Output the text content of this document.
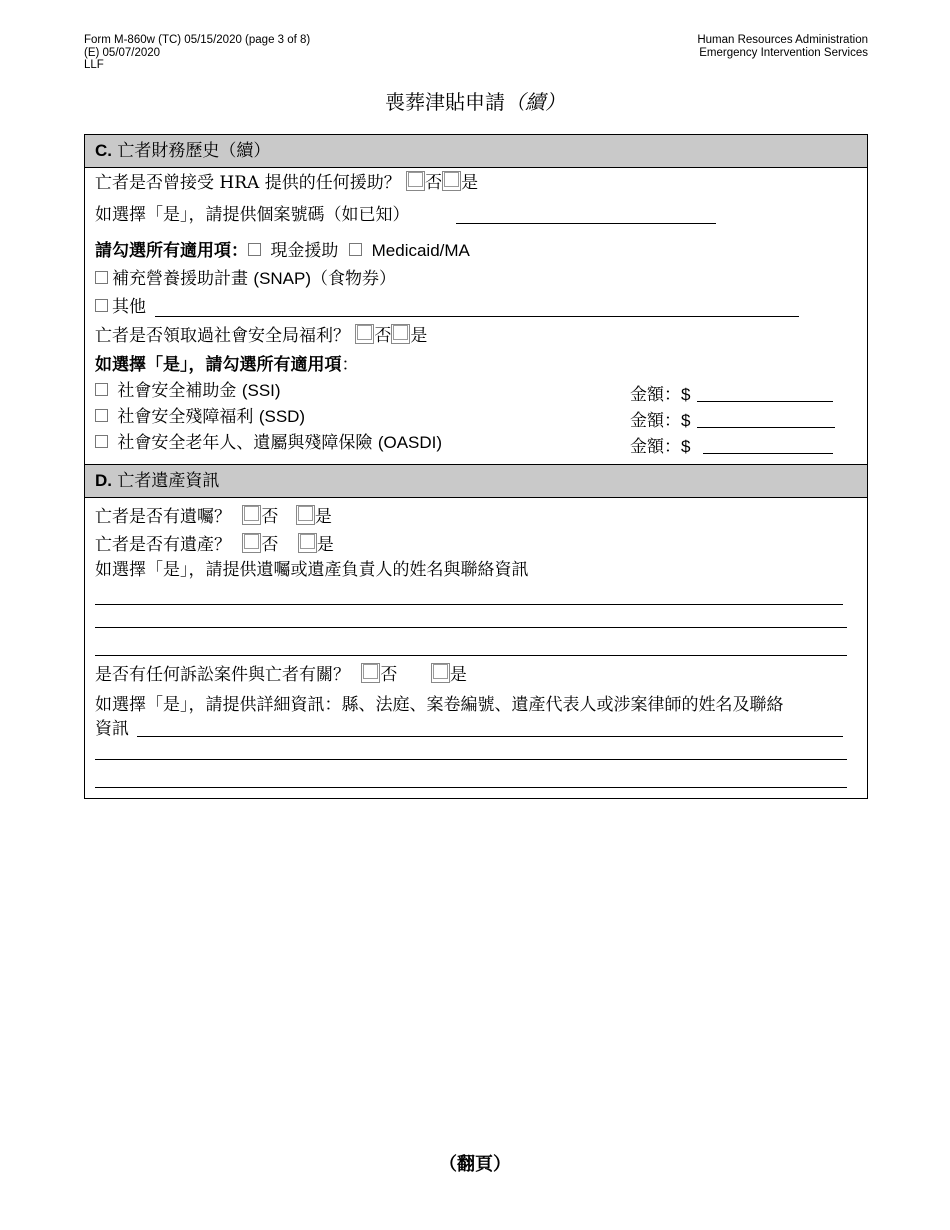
Form M-860w (TC) 05/15/2020 (page 3 of 8)
(E) 05/07/2020
LLF
Human Resources Administration
Emergency Intervention Services
喪葬津貼申請（續）
C. 亡者財務歷史（續）
亡者是否曾接受 HRA 提供的任何援助？ 否 是
如選擇「是」，請提供個案號碼（如已知）
請勾選所有適用項： 現金援助 Medicaid/MA
補充營養援助計畫 (SNAP)（食物券）
其他
亡者是否領取過社會安全局福利？ 否 是
如選擇「是」，請勾選所有適用項：
社會安全補助金 (SSI)	金額：$
社會安全殘障福利 (SSD)	金額：$
社會安全老年人、遺屬與殘障保險 (OASDI)	金額：$
D. 亡者遺產資訊
亡者是否有遺囑？ 否 是
亡者是否有遺產？ 否 是
如選擇「是」，請提供遺囑或遺產負責人的姓名與聯絡資訊
是否有任何訴訟案件與亡者有關？ 否	是
如選擇「是」，請提供詳細資訊：縣、法庭、案卷編號、遺產代表人或涉案律師的姓名及聯絡
資訊
（翻頁）
